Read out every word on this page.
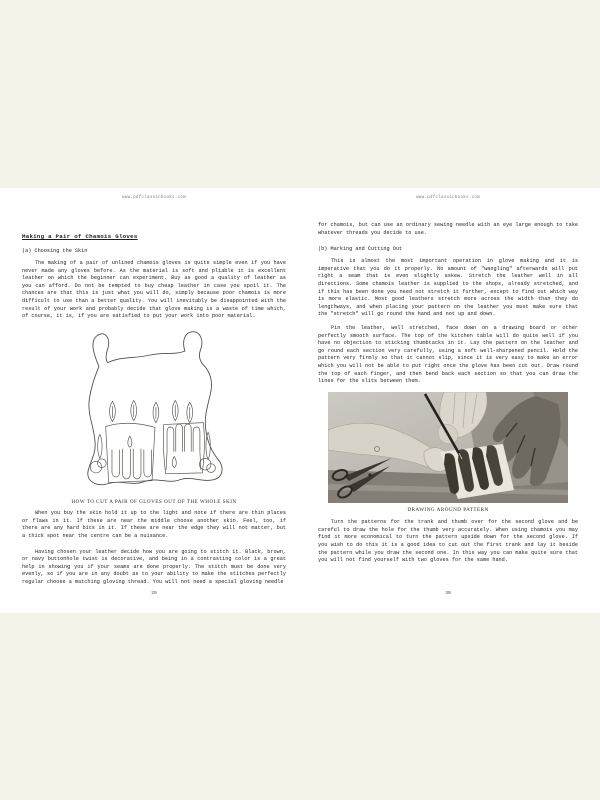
www.pdfclassicbooks.com
Making a Pair of Chamois Gloves
(a) Choosing the Skin

The making of a pair of unlined chamois gloves is quite simple even if you have never made any gloves before. As the material is soft and pliable it is excellent leather on which the beginner can experiment. Buy as good a quality of leather as you can afford. Do not be tempted to buy cheap leather in case you spoil it. The chances are that this is just what you will do, simply because poor chamois is more difficult to use than a better quality. You will inevitably be disappointed with the result of your work and probably decide that glove making is a waste of time which, of course, it is, if you are satisfied to put your work into poor material.

HOW TO CUT A PAIR OF GLOVES OUT OF THE WHOLE SKIN

When you buy the skin hold it up to the light and note if there are thin places or flaws in it. If these are near the middle choose another skin. Feel, too, if there are any hard bits in it. If these are near the edge they will not matter, but a thick spot near the centre can be a nuisance.

Having chosen your leather decide how you are going to stitch it. Black, brown, or navy buttonhole twist is decorative, and being in a contrasting color is a great help in showing you if your seams are done properly. The stitch must be done very evenly, so if you are in any doubt as to your ability to make the stitches perfectly regular choose a matching gloving thread. You will not need a special gloving needle

29
www.pdfclassicbooks.com

for chamois, but can use an ordinary sewing needle with an eye large enough to take whatever threads you decide to use.

(b) Marking and Cutting Out

This is almost the most important operation in glove making and it is imperative that you do it properly. No amount of "wangling" afterwards will put right a seam that is even slightly askew. Stretch the leather well in all directions. Some chamois leather is supplied to the shops, already stretched, and if this has been done you need not stretch it further, except to find out which way is more elastic. Most good leathers stretch more across the width than they do lengthways, and when placing your pattern on the leather you must make sure that the "stretch" will go round the hand and not up and down.

Pin the leather, well stretched, face down on a drawing board or other perfectly smooth surface. The top of the kitchen table will do quite well if you have no objection to sticking thumbtacks in it. Lay the pattern on the leather and go round each section very carefully, using a soft well-sharpened pencil. Hold the pattern very firmly so that it cannot slip, since it is very easy to make an error which you will not be able to put right once the glove has been cut out. Draw round the top of each finger, and then bend back each section so that you can draw the lines for the slits between them.

DRAWING AROUND PATTERN

Turn the patterns for the trank and thumb over for the second glove and be careful to draw the hole for the thumb very accurately. When using chamois you may find it more economical to turn the pattern upside down for the second glove. If you wish to do this it is a good idea to cut out the first trank and lay it beside the pattern while you draw the second one. In this way you can make quite sure that you will not find yourself with two gloves for the same hand.

30
